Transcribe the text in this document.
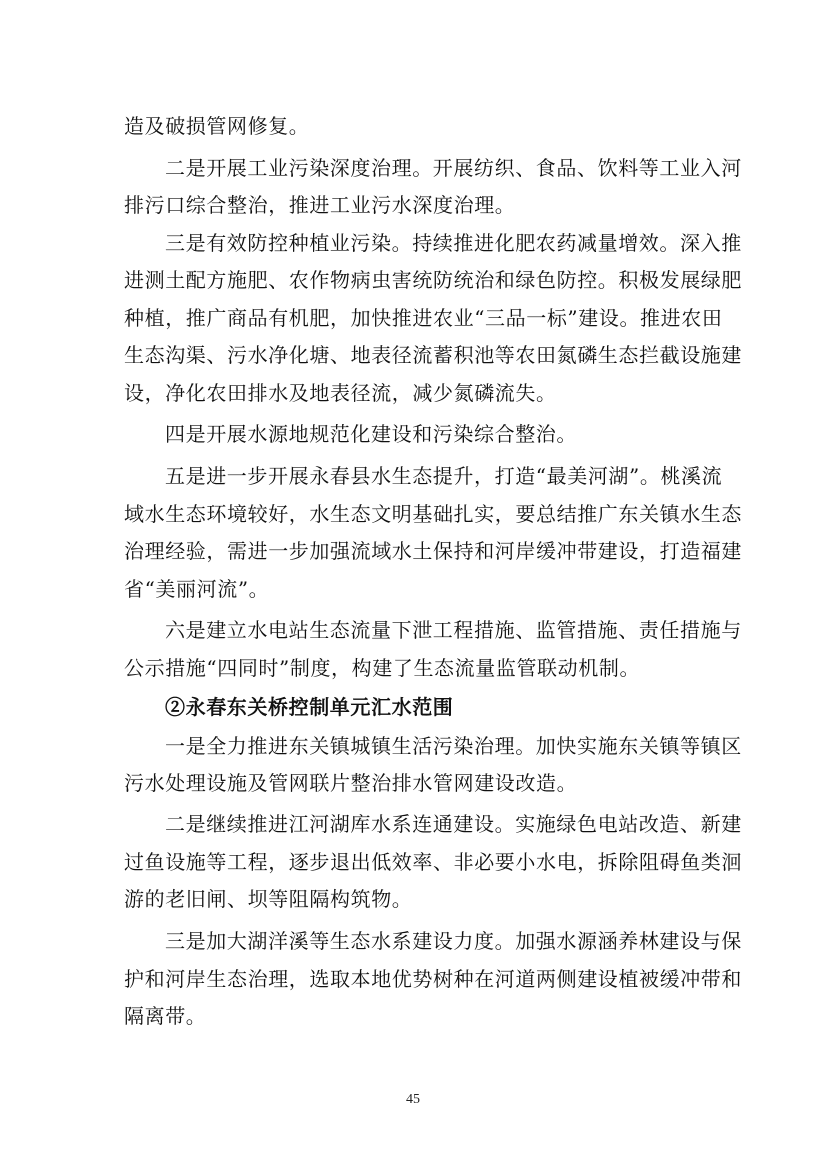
造及破损管网修复。
二是开展工业污染深度治理。开展纺织、食品、饮料等工业入河
排污口综合整治，推进工业污水深度治理。
三是有效防控种植业污染。持续推进化肥农药减量增效。深入推
进测土配方施肥、农作物病虫害统防统治和绿色防控。积极发展绿肥
种植，推广商品有机肥，加快推进农业“三品一标”建设。推进农田
生态沟渠、污水净化塘、地表径流蓄积池等农田氮磷生态拦截设施建
设，净化农田排水及地表径流，减少氮磷流失。
四是开展水源地规范化建设和污染综合整治。
五是进一步开展永春县水生态提升，打造“最美河湖”。桃溪流
域水生态环境较好，水生态文明基础扎实，要总结推广东关镇水生态
治理经验，需进一步加强流域水土保持和河岸缓冲带建设，打造福建
省“美丽河流”。
六是建立水电站生态流量下泄工程措施、监管措施、责任措施与
公示措施“四同时”制度，构建了生态流量监管联动机制。
②永春东关桥控制单元汇水范围
一是全力推进东关镇城镇生活污染治理。加快实施东关镇等镇区
污水处理设施及管网联片整治排水管网建设改造。
二是继续推进江河湖库水系连通建设。实施绿色电站改造、新建
过鱼设施等工程，逐步退出低效率、非必要小水电，拆除阻碍鱼类洄
游的老旧闸、坝等阻隔构筑物。
三是加大湖洋溪等生态水系建设力度。加强水源涵养林建设与保
护和河岸生态治理，选取本地优势树种在河道两侧建设植被缓冲带和
隔离带。
45
